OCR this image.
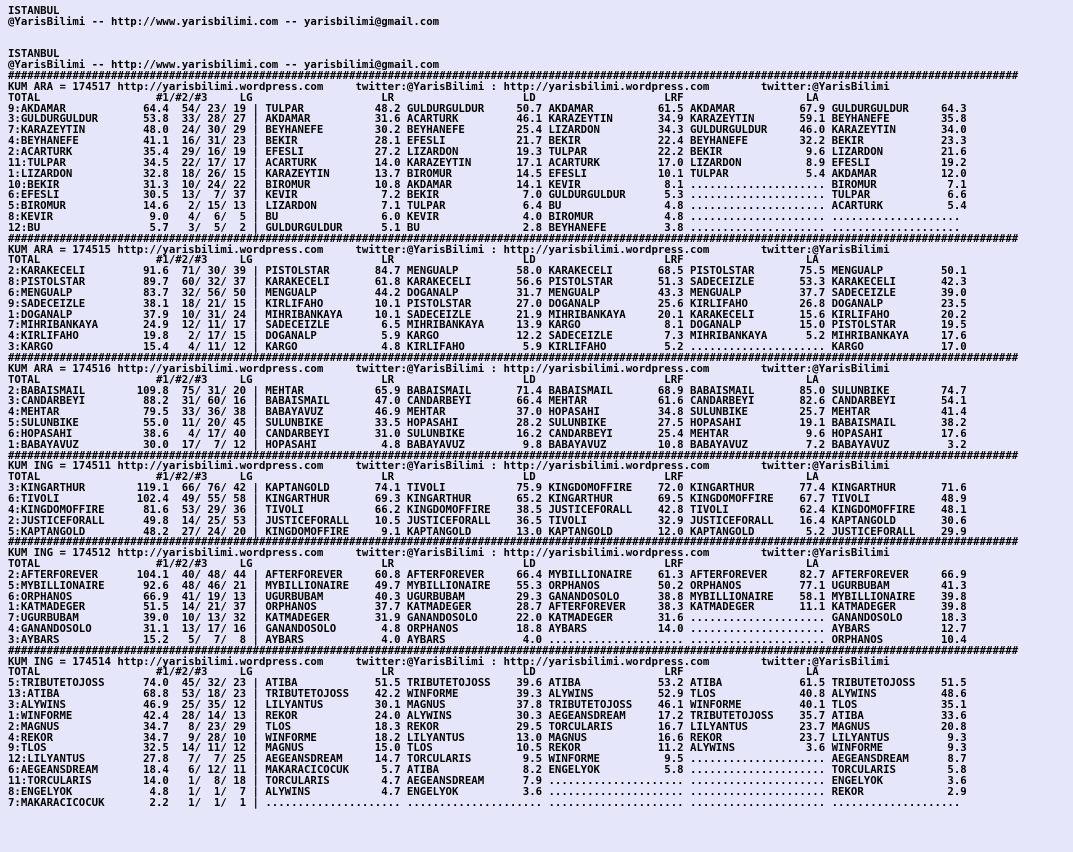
ISTANBUL
@YarisBilimi -- http://www.yarisbilimi.com -- yarisbilimi@gmail.com
ISTANBUL
@YarisBilimi -- http://www.yarisbilimi.com -- yarisbilimi@gmail.com
#############################################################################################################################################################
KUM ARA = 174517 http://yarisbilimi.wordpress.com     twitter:@YarisBilimi : http://yarisbilimi.wordpress.com        twitter:@YarisBilimi
TOTAL                  #1/#2/#3     LG                    LR                    LD                    LRF                   LA
9:AKDAMAR            64.4  54/ 23/ 19 | TULPAR           48.2 GULDURGULDUR     50.7 AKDAMAR          61.5 AKDAMAR          67.9 GULDURGULDUR     64.3
3:GULDURGULDUR       53.8  33/ 28/ 27 | AKDAMAR          31.6 ACARTURK         46.1 KARAZEYTIN       34.9 KARAZEYTIN       59.1 BEYHANEFE        35.8
7:KARAZEYTIN         48.0  24/ 30/ 29 | BEYHANEFE        30.2 BEYHANEFE        25.4 LIZARDON         34.3 GULDURGULDUR     46.0 KARAZEYTIN       34.0
4:BEYHANEFE          41.1  16/ 31/ 23 | BEKIR            28.1 EFESLI           21.7 BEKIR            22.4 BEYHANEFE        32.2 BEKIR            23.3
2:ACARTURK           35.4  29/ 16/ 19 | EFESLI           27.2 LIZARDON         19.3 TULPAR           22.2 BEKIR             9.6 LIZARDON         21.6
11:TULPAR            34.5  22/ 17/ 17 | ACARTURK         14.0 KARAZEYTIN       17.1 ACARTURK         17.0 LIZARDON          8.9 EFESLI           19.2
1:LIZARDON           32.8  18/ 26/ 15 | KARAZEYTIN       13.7 BIROMUR          14.5 EFESLI           10.1 TULPAR            5.4 AKDAMAR          12.0
10:BEKIR             31.3  10/ 24/ 22 | BIROMUR          10.8 AKDAMAR          14.1 KEVIR             8.1 ..................... BIROMUR           7.1
6:EFESLI             30.5  13/  7/ 37 | KEVIR             7.2 BEKIR             7.0 GULDURGULDUR      5.3 ..................... TULPAR            6.6
5:BIROMUR            14.6   2/ 15/ 13 | LIZARDON          7.1 TULPAR            6.4 BU                4.8 ..................... ACARTURK          5.4
8:KEVIR               9.0   4/  6/  5 | BU                6.0 KEVIR             4.0 BIROMUR           4.8 ..................... ....................
12:BU                 5.7   3/  5/  2 | GULDURGULDUR      5.1 BU                2.8 BEYHANEFE         3.8 ..................... ....................
#############################################################################################################################################################
KUM ARA = 174515 http://yarisbilimi.wordpress.com     twitter:@YarisBilimi : http://yarisbilimi.wordpress.com        twitter:@YarisBilimi
TOTAL                  #1/#2/#3     LG                    LR                    LD                    LRF                   LA
2:KARAKECELI         91.6  71/ 30/ 39 | PISTOLSTAR       84.7 MENGUALP         58.0 KARAKECELI       68.5 PISTOLSTAR       75.5 MENGUALP         50.1
8:PISTOLSTAR         89.7  60/ 32/ 37 | KARAKECELI       61.8 KARAKECELI       56.6 PISTOLSTAR       51.3 SADECEIZLE       53.3 KARAKECELI       42.3
6:MENGUALP           83.7  32/ 56/ 50 | MENGUALP         44.2 DOGANALP         31.7 MENGUALP         43.3 MENGUALP         37.7 SADECEIZLE       39.0
9:SADECEIZLE         38.1  18/ 21/ 15 | KIRLIFAHO        10.1 PISTOLSTAR       27.0 DOGANALP         25.6 KIRLIFAHO        26.8 DOGANALP         23.5
1:DOGANALP           37.9  10/ 31/ 24 | MIHRIBANKAYA     10.1 SADECEIZLE       21.9 MIHRIBANKAYA     20.1 KARAKECELI       15.6 KIRLIFAHO        20.2
7:MIHRIBANKAYA       24.9  12/ 11/ 17 | SADECEIZLE        6.5 MIHRIBANKAYA     13.9 KARGO             8.1 DOGANALP         15.0 PISTOLSTAR       19.5
4:KIRLIFAHO          19.8   2/ 17/ 15 | DOGANALP          5.9 KARGO            12.2 SADECEIZLE        7.3 MIHRIBANKAYA      5.2 MIHRIBANKAYA     17.6
3:KARGO              15.4   4/ 11/ 12 | KARGO             4.8 KIRLIFAHO         5.9 KIRLIFAHO         5.2 ..................... KARGO            17.0
#############################################################################################################################################################
KUM ARA = 174516 http://yarisbilimi.wordpress.com     twitter:@YarisBilimi : http://yarisbilimi.wordpress.com        twitter:@YarisBilimi
TOTAL                  #1/#2/#3     LG                    LR                    LD                    LRF                   LA
2:BABAISMAIL        109.8  75/ 31/ 20 | MEHTAR           65.9 BABAISMAIL       71.4 BABAISMAIL       68.9 BABAISMAIL       85.0 SULUNBIKE        74.7
3:CANDARBEYI         88.2  31/ 60/ 16 | BABAISMAIL       47.0 CANDARBEYI       66.4 MEHTAR           61.6 CANDARBEYI       82.6 CANDARBEYI       54.1
4:MEHTAR             79.5  33/ 36/ 38 | BABAYAVUZ        46.9 MEHTAR           37.0 HOPASAHI         34.8 SULUNBIKE        25.7 MEHTAR           41.4
5:SULUNBIKE          55.0  11/ 20/ 45 | SULUNBIKE        33.5 HOPASAHI         28.2 SULUNBIKE        27.5 HOPASAHI         19.1 BABAISMAIL       38.2
6:HOPASAHI           38.6   4/ 17/ 40 | CANDARBEYI       31.0 SULUNBIKE        16.2 CANDARBEYI       25.4 MEHTAR            9.6 HOPASAHI         17.6
1:BABAYAVUZ          30.0  17/  7/ 12 | HOPASAHI          4.8 BABAYAVUZ         9.8 BABAYAVUZ        10.8 BABAYAVUZ         7.2 BABAYAVUZ         3.2
#############################################################################################################################################################
KUM ING = 174511 http://yarisbilimi.wordpress.com     twitter:@YarisBilimi : http://yarisbilimi.wordpress.com        twitter:@YarisBilimi
TOTAL                  #1/#2/#3     LG                    LR                    LD                    LRF                   LA
3:KINGARTHUR        119.1  66/ 76/ 42 | KAPTANGOLD       74.1 TIVOLI           75.9 KINGDOMOFFIRE    72.0 KINGARTHUR       77.4 KINGARTHUR       71.6
6:TIVOLI            102.4  49/ 55/ 58 | KINGARTHUR       69.3 KINGARTHUR       65.2 KINGARTHUR       69.5 KINGDOMOFFIRE    67.7 TIVOLI           48.9
4:KINGDOMOFFIRE      81.6  53/ 29/ 36 | TIVOLI           66.2 KINGDOMOFFIRE    38.5 JUSTICEFORALL    42.8 TIVOLI           62.4 KINGDOMOFFIRE    48.1
2:JUSTICEFORALL      49.8  14/ 25/ 53 | JUSTICEFORALL    10.5 JUSTICEFORALL    36.5 TIVOLI           32.9 JUSTICEFORALL    16.4 KAPTANGOLD       30.6
5:KAPTANGOLD         48.2  27/ 24/ 20 | KINGDOMOFFIRE     9.1 KAPTANGOLD       13.0 KAPTANGOLD       12.0 KAPTANGOLD        5.2 JUSTICEFORALL    29.9
#############################################################################################################################################################
KUM ING = 174512 http://yarisbilimi.wordpress.com     twitter:@YarisBilimi : http://yarisbilimi.wordpress.com        twitter:@YarisBilimi
TOTAL                  #1/#2/#3     LG                    LR                    LD                    LRF                   LA
2:AFTERFOREVER      104.1  40/ 48/ 44 | AFTERFOREVER     60.8 AFTERFOREVER     66.4 MYBILLIONAIRE    61.3 AFTERFOREVER     82.7 AFTERFOREVER     66.9
5:MYBILLIONAIRE      92.6  48/ 46/ 21 | MYBILLIONAIRE    49.7 MYBILLIONAIRE    55.3 ORPHANOS         50.2 ORPHANOS         77.1 UGURBUBAM        41.3
6:ORPHANOS           66.9  41/ 19/ 13 | UGURBUBAM        40.3 UGURBUBAM        29.3 GANANDOSOLO      38.8 MYBILLIONAIRE    58.1 MYBILLIONAIRE    39.8
1:KATMADEGER         51.5  14/ 21/ 37 | ORPHANOS         37.7 KATMADEGER       28.7 AFTERFOREVER     38.3 KATMADEGER       11.1 KATMADEGER       39.8
7:UGURBUBAM          39.0  10/ 13/ 32 | KATMADEGER       31.9 GANANDOSOLO      22.0 KATMADEGER       31.6 ..................... GANANDOSOLO      18.3
4:GANANDOSOLO        31.1  13/ 17/ 16 | GANANDOSOLO       4.8 ORPHANOS         18.8 AYBARS           14.0 ..................... AYBARS           12.7
3:AYBARS             15.2   5/  7/  8 | AYBARS            4.0 AYBARS            4.0 ..................... ..................... ORPHANOS         10.4
#############################################################################################################################################################
KUM ING = 174514 http://yarisbilimi.wordpress.com     twitter:@YarisBilimi : http://yarisbilimi.wordpress.com        twitter:@YarisBilimi
TOTAL                  #1/#2/#3     LG                    LR                    LD                    LRF                   LA
5:TRIBUTETOJOSS      74.0  45/ 32/ 23 | ATIBA            51.5 TRIBUTETOJOSS    39.6 ATIBA            53.2 ATIBA            61.5 TRIBUTETOJOSS    51.5
13:ATIBA             68.8  53/ 18/ 23 | TRIBUTETOJOSS    42.2 WINFORME         39.3 ALYWINS          52.9 TLOS             40.8 ALYWINS          48.6
3:ALYWINS            46.9  25/ 35/ 12 | LILYANTUS        30.1 MAGNUS           37.8 TRIBUTETOJOSS    46.1 WINFORME         40.1 TLOS             35.1
1:WINFORME           42.4  28/ 14/ 13 | REKOR            24.0 ALYWINS          30.3 AEGEANSDREAM     17.2 TRIBUTETOJOSS    35.7 ATIBA            33.6
2:MAGNUS             34.7   8/ 23/ 29 | TLOS             18.3 REKOR            29.5 TORCULARIS       16.7 LILYANTUS        23.7 MAGNUS           20.8
4:REKOR              34.7   9/ 28/ 10 | WINFORME         18.2 LILYANTUS        13.0 MAGNUS           16.6 REKOR            23.7 LILYANTUS         9.3
9:TLOS               32.5  14/ 11/ 12 | MAGNUS           15.0 TLOS             10.5 REKOR            11.2 ALYWINS           3.6 WINFORME          9.3
12:LILYANTUS         27.8   7/  7/ 25 | AEGEANSDREAM     14.7 TORCULARIS        9.5 WINFORME          9.5 ..................... AEGEANSDREAM      8.7
6:AEGEANSDREAM       18.4   6/ 12/ 11 | MAKARACICOCUK     5.7 ATIBA             8.2 ENGELYOK          5.8 ..................... TORCULARIS        5.8
11:TORCULARIS        14.0   1/  8/ 18 | TORCULARIS        4.7 AEGEANSDREAM      7.9 ..................... ..................... ENGELYOK          3.6
8:ENGELYOK            4.8   1/  1/  7 | ALYWINS           4.7 ENGELYOK          3.6 ..................... ..................... REKOR             2.9
7:MAKARACICOCUK       2.2   1/  1/  1 | ..................... ..................... ..................... ..................... ....................
